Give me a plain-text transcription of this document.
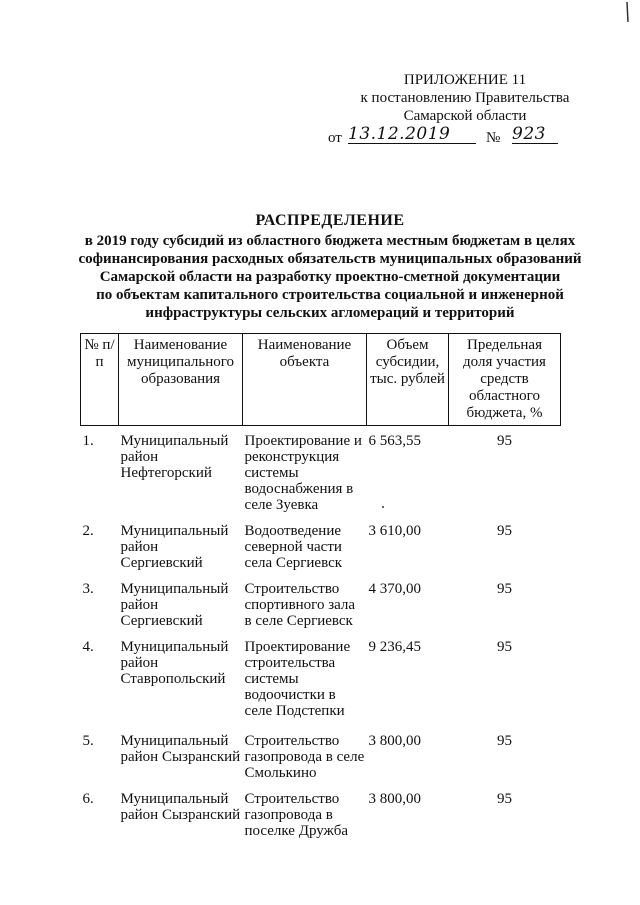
ПРИЛОЖЕНИЕ 11
к постановлению Правительства
Самарской области
от 13.12.2019	№ 923
РАСПРЕДЕЛЕНИЕ
в 2019 году субсидий из областного бюджета местным бюджетам в целях
софинансирования расходных обязательств муниципальных образований
Самарской области на разработку проектно-сметной документации
по объектам капитального строительства социальной и инженерной
инфраструктуры сельских агломераций и территорий
№ п/п	Наименование муниципального образования	Наименование объекта	Объем субсидии, тыс. рублей	Предельная доля участия средств областного бюджета, %
1.	Муниципальный район Нефтегорский	Проектирование и реконструкция системы водоснабжения в селе Зуевка	6 563,55	95
2.	Муниципальный район Сергиевский	Водоотведение северной части села Сергиевск	3 610,00	95
3.	Муниципальный район Сергиевский	Строительство спортивного зала в селе Сергиевск	4 370,00	95
4.	Муниципальный район Ставропольский	Проектирование строительства системы водоочистки в селе Подстепки	9 236,45	95
5.	Муниципальный район Сызранский	Строительство газопровода в селе Смолькино	3 800,00	95
6.	Муниципальный район Сызранский	Строительство газопровода в поселке Дружба	3 800,00	95
